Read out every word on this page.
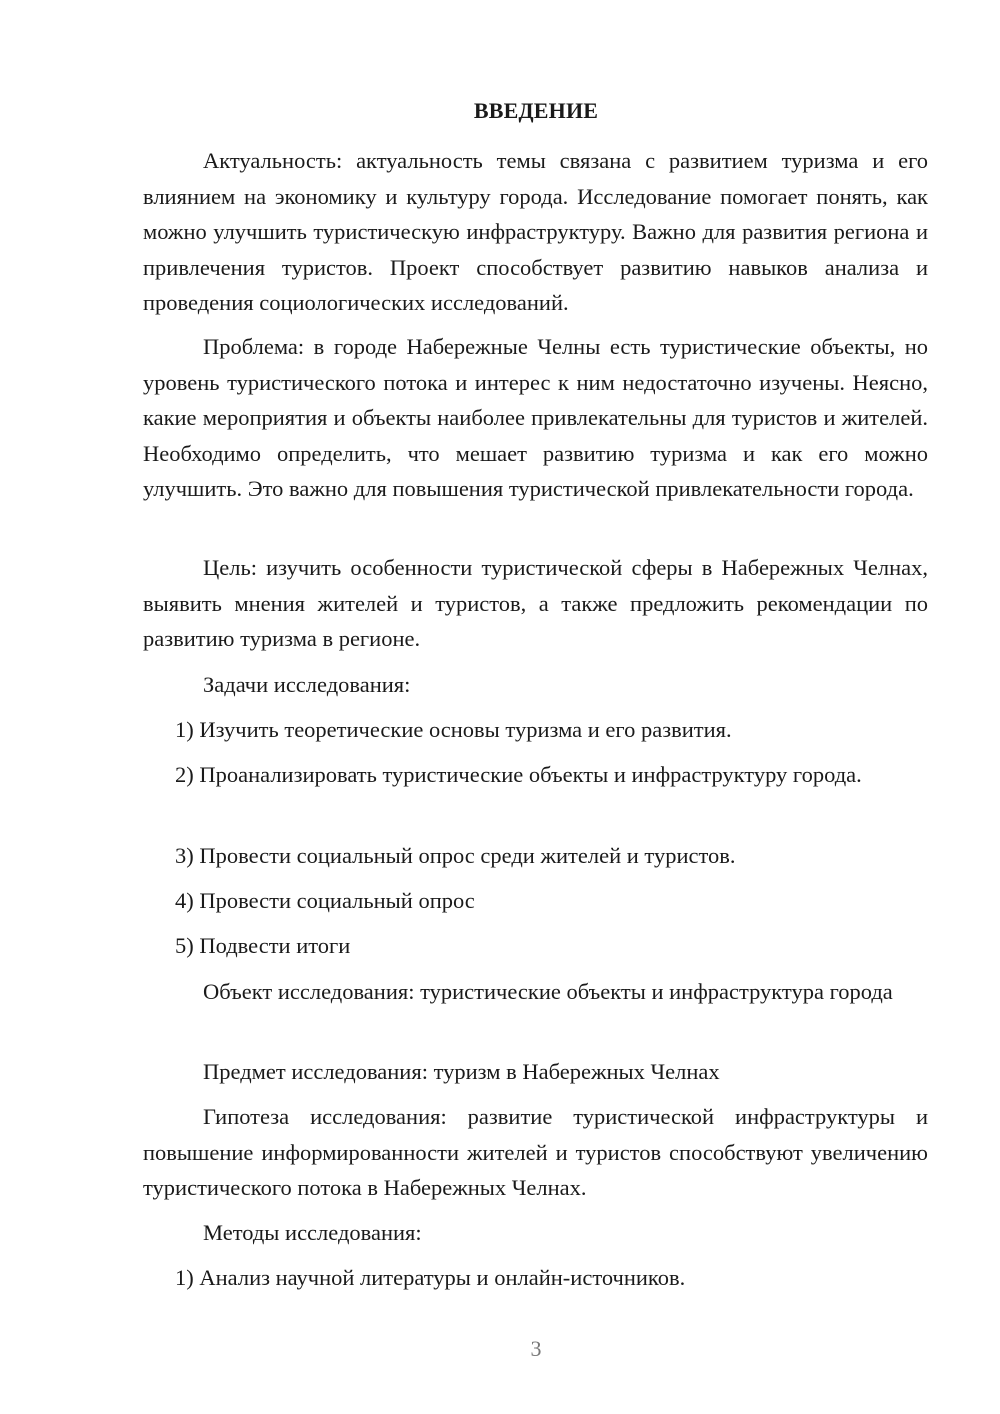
ВВЕДЕНИЕ

Актуальность: актуальность темы связана с развитием туризма и его влиянием на экономику и культуру города. Исследование помогает понять, как можно улучшить туристическую инфраструктуру. Важно для развития региона и привлечения туристов. Проект способствует развитию навыков анализа и проведения социологических исследований.

Проблема: в городе Набережные Челны есть туристические объекты, но уровень туристического потока и интерес к ним недостаточно изучены. Неясно, какие мероприятия и объекты наиболее привлекательны для туристов и жителей. Необходимо определить, что мешает развитию туризма и как его можно улучшить. Это важно для повышения туристической привлекательности города.

Цель: изучить особенности туристической сферы в Набережных Челнах, выявить мнения жителей и туристов, а также предложить рекомендации по развитию туризма в регионе.

Задачи исследования:

1) Изучить теоретические основы туризма и его развития.

2) Проанализировать туристические объекты и инфраструктуру города.

3) Провести социальный опрос среди жителей и туристов.

4) Провести социальный опрос

5) Подвести итоги

Объект исследования: туристические объекты и инфраструктура города

Предмет исследования: туризм в Набережных Челнах

Гипотеза исследования: развитие туристической инфраструктуры и повышение информированности жителей и туристов способствуют увеличению туристического потока в Набережных Челнах.

Методы исследования:

1) Анализ научной литературы и онлайн-источников.

3
